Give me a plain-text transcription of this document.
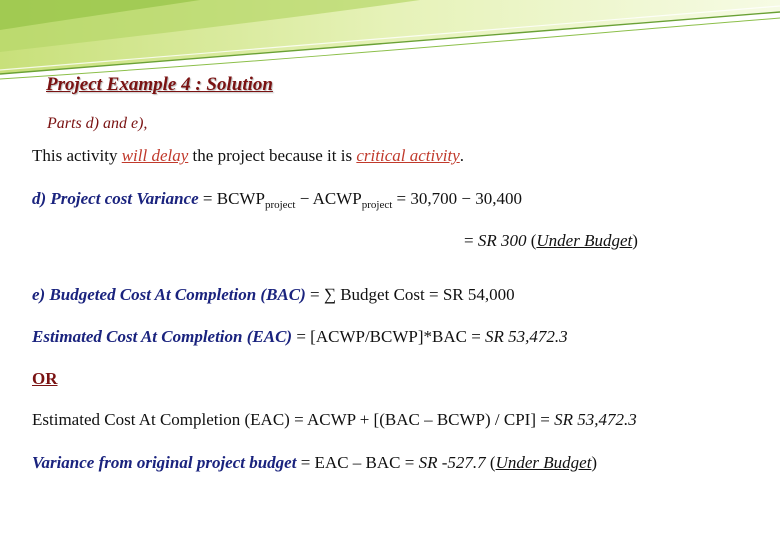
Project Example 4 : Solution
Parts d) and e),
This activity will delay the project because it is critical activity.
d) Project cost Variance = $BCWP_{project}$ − $ACWP_{project} = 30,700 - 30,400$
= SR 300 (Under Budget)
e) Budgeted Cost At Completion (BAC) = ∑ Budget Cost = SR 54,000
Estimated Cost At Completion (EAC) = [ACWP/BCWP]*BAC = SR 53,472.3
OR
Estimated Cost At Completion (EAC) = ACWP + [(BAC – BCWP) / CPI] = SR 53,472.3
Variance from original project budget = EAC – BAC = SR -527.7 (Under Budget)
